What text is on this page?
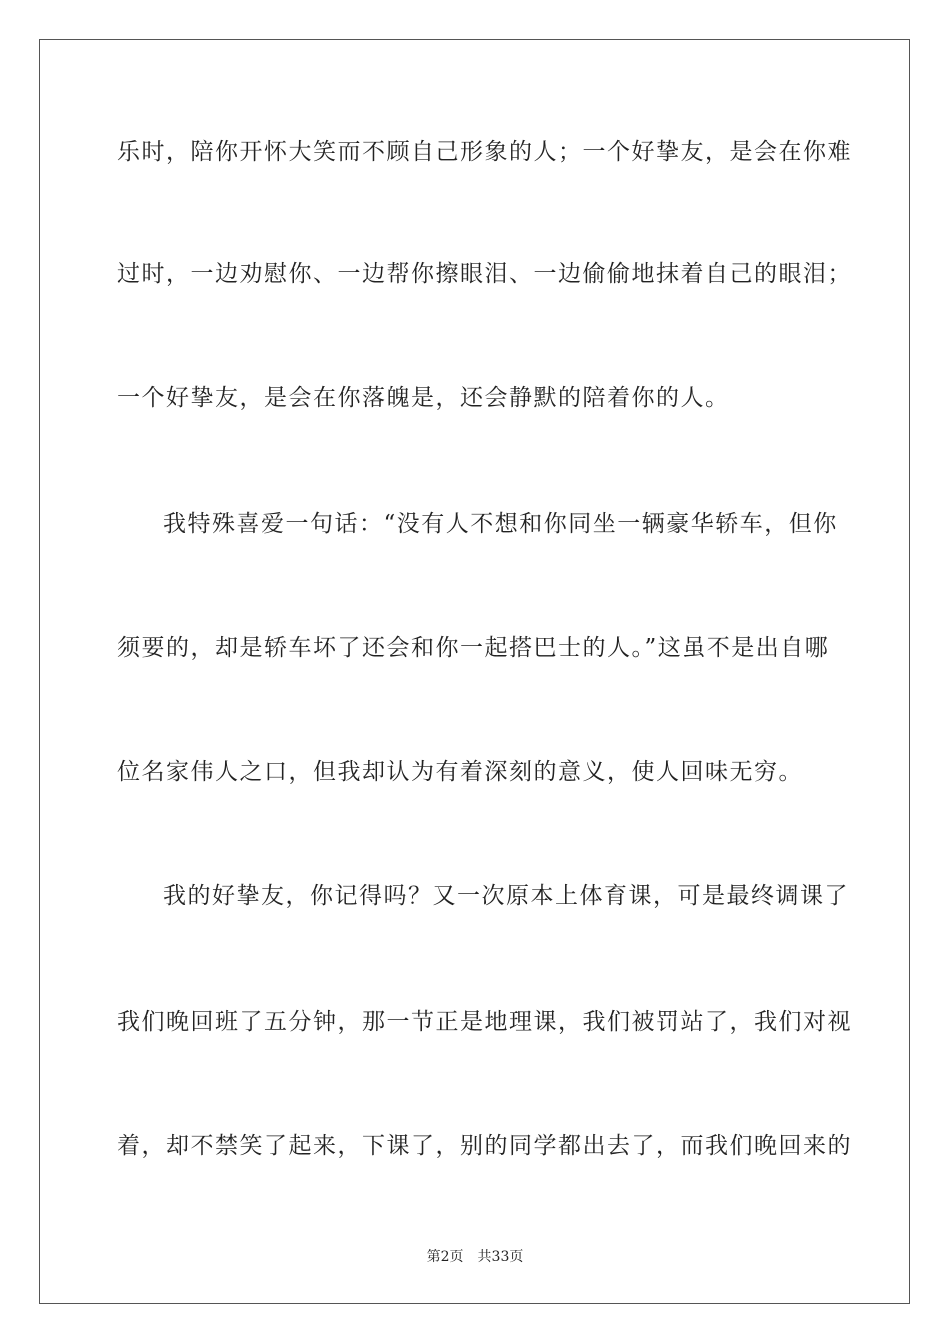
乐时，陪你开怀大笑而不顾自己形象的人；一个好挚友，是会在你难
过时，一边劝慰你、一边帮你擦眼泪、一边偷偷地抹着自己的眼泪；
一个好挚友，是会在你落魄是，还会静默的陪着你的人。
我特殊喜爱一句话：“没有人不想和你同坐一辆豪华轿车，但你
须要的，却是轿车坏了还会和你一起搭巴士的人。”这虽不是出自哪
位名家伟人之口，但我却认为有着深刻的意义，使人回味无穷。
我的好挚友，你记得吗？又一次原本上体育课，可是最终调课了
我们晚回班了五分钟，那一节正是地理课，我们被罚站了，我们对视
着，却不禁笑了起来，下课了，别的同学都出去了，而我们晚回来的
第2页 共33页
